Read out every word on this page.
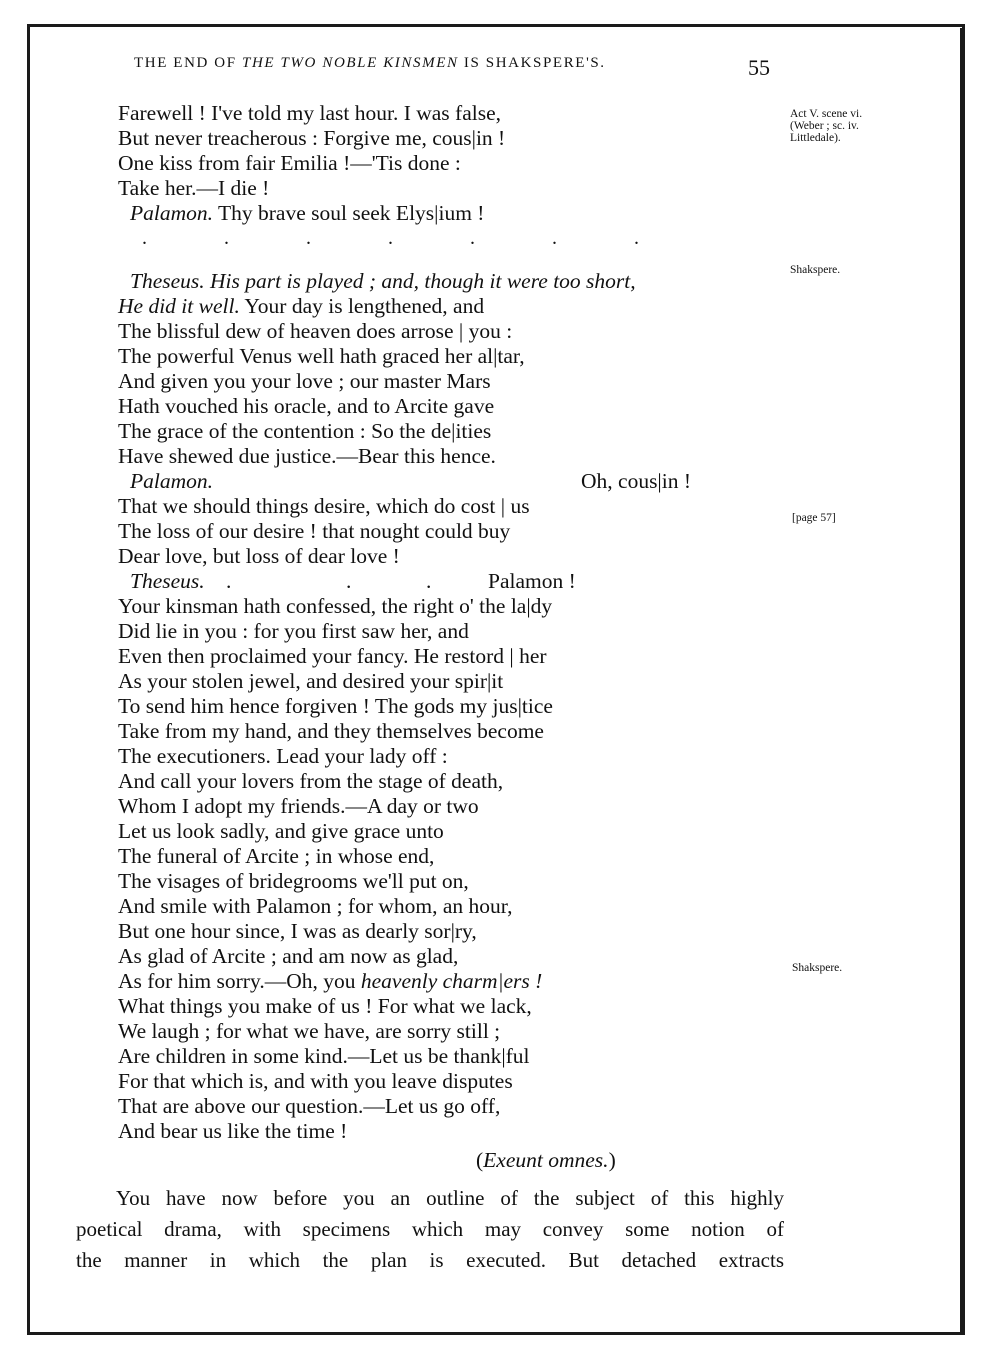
THE END OF THE TWO NOBLE KINSMEN IS SHAKSPERE'S.	55
Act V. scene vi.
(Weber ; sc. iv.
Littledale).
Shakspere.
[page 57]
Shakspere.
Farewell ! I've told my last hour. I was false,
But never treacherous : Forgive me, cous|in !
One kiss from fair Emilia !—'Tis done :
Take her.—I die !
Palamon. Thy brave soul seek Elys|ium !
.	.	.	.	.	.	.
Theseus. His part is played ; and, though it were too short,
He did it well. Your day is lengthened, and
The blissful dew of heaven does arrose | you :
The powerful Venus well hath graced her al|tar,
And given you your love ; our master Mars
Hath vouched his oracle, and to Arcite gave
The grace of the contention : So the de|ities
Have shewed due justice.—Bear this hence.
Palamon.	Oh, cous|in !
That we should things desire, which do cost | us
The loss of our desire ! that nought could buy
Dear love, but loss of dear love !
Theseus. .	.	.	Palamon !
Your kinsman hath confessed, the right o' the la|dy
Did lie in you : for you first saw her, and
Even then proclaimed your fancy. He restord | her
As your stolen jewel, and desired your spir|it
To send him hence forgiven ! The gods my jus|tice
Take from my hand, and they themselves become
The executioners. Lead your lady off :
And call your lovers from the stage of death,
Whom I adopt my friends.—A day or two
Let us look sadly, and give grace unto
The funeral of Arcite ; in whose end,
The visages of bridegrooms we'll put on,
And smile with Palamon ; for whom, an hour,
But one hour since, I was as dearly sor|ry,
As glad of Arcite ; and am now as glad,
As for him sorry.—Oh, you heavenly charm|ers !
What things you make of us ! For what we lack,
We laugh ; for what we have, are sorry still ;
Are children in some kind.—Let us be thank|ful
For that which is, and with you leave disputes
That are above our question.—Let us go off,
And bear us like the time !
(Exeunt omnes.)

You have now before you an outline of the subject of this highly
poetical drama, with specimens which may convey some notion of
the manner in which the plan is executed. But detached extracts
